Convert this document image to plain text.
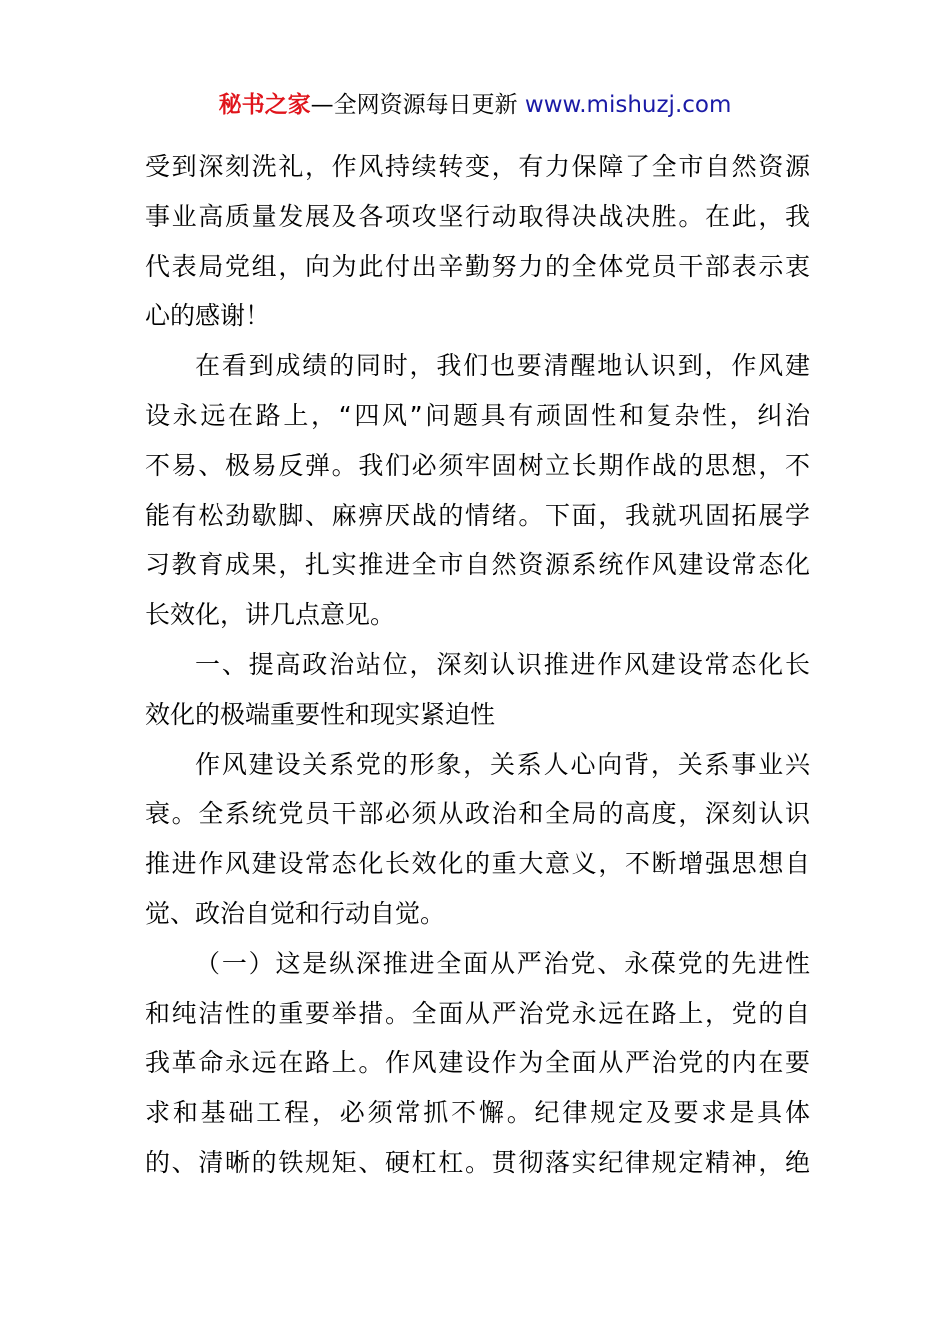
秘书之家—全网资源每日更新 www.mishuzj.com
受到深刻洗礼，作风持续转变，有力保障了全市自然资源
事业高质量发展及各项攻坚行动取得决战决胜。在此，我
代表局党组，向为此付出辛勤努力的全体党员干部表示衷
心的感谢！
在看到成绩的同时，我们也要清醒地认识到，作风建
设永远在路上，“四风”问题具有顽固性和复杂性，纠治
不易、极易反弹。我们必须牢固树立长期作战的思想，不
能有松劲歇脚、麻痹厌战的情绪。下面，我就巩固拓展学
习教育成果，扎实推进全市自然资源系统作风建设常态化
长效化，讲几点意见。
一、提高政治站位，深刻认识推进作风建设常态化长
效化的极端重要性和现实紧迫性
作风建设关系党的形象，关系人心向背，关系事业兴
衰。全系统党员干部必须从政治和全局的高度，深刻认识
推进作风建设常态化长效化的重大意义，不断增强思想自
觉、政治自觉和行动自觉。
（一）这是纵深推进全面从严治党、永葆党的先进性
和纯洁性的重要举措。全面从严治党永远在路上，党的自
我革命永远在路上。作风建设作为全面从严治党的内在要
求和基础工程，必须常抓不懈。纪律规定及要求是具体
的、清晰的铁规矩、硬杠杠。贯彻落实纪律规定精神，绝
